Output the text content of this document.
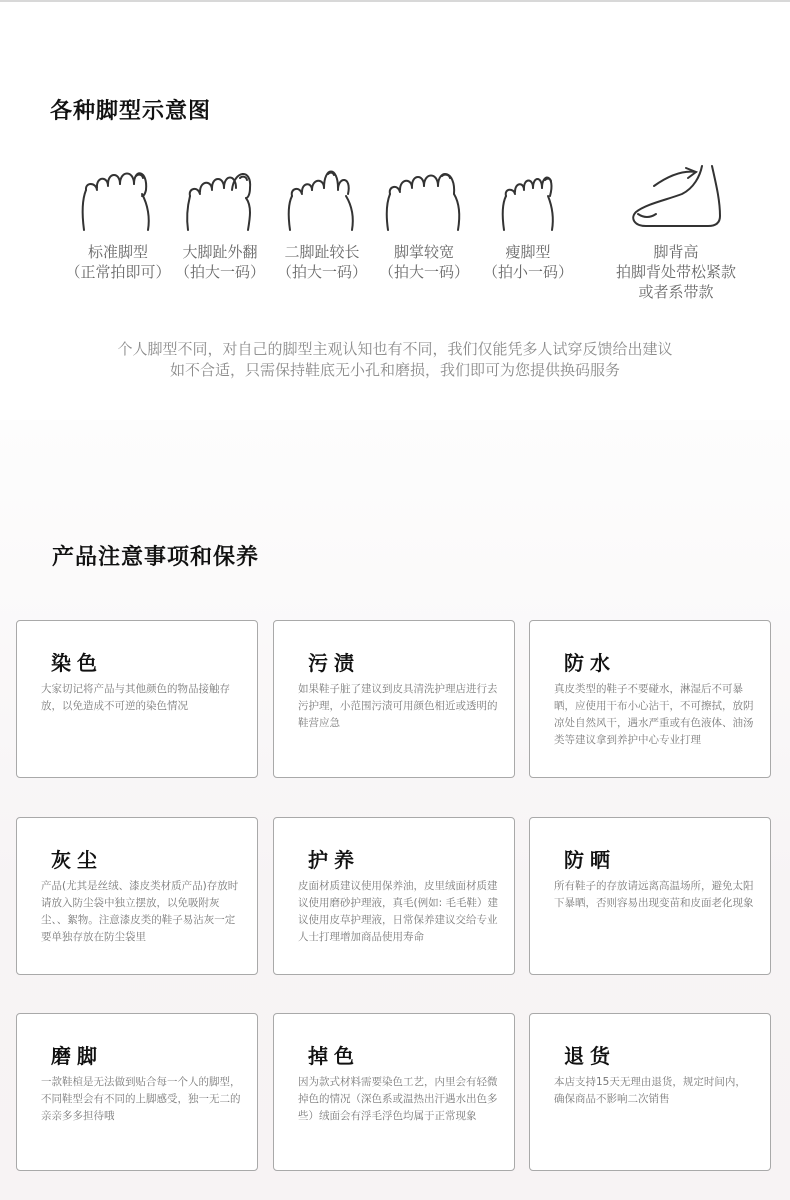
各种脚型示意图
标准脚型
（正常拍即可）
大脚趾外翻
（拍大一码）
二脚趾较长
（拍大一码）
脚掌较宽
（拍大一码）
瘦脚型
（拍小一码）
脚背高
拍脚背处带松紧款
或者系带款
个人脚型不同，对自己的脚型主观认知也有不同，我们仅能凭多人试穿反馈给出建议
如不合适，只需保持鞋底无小孔和磨损，我们即可为您提供换码服务
产品注意事项和保养
染色
大家切记将产品与其他颜色的物品接触存放，以免造成不可逆的染色情况
污渍
如果鞋子脏了建议到皮具清洗护理店进行去污护理，小范围污渍可用颜色相近或透明的鞋营应急
防水
真皮类型的鞋子不要碰水，淋湿后不可暴晒，应使用干布小心沾干，不可擦拭，放阴凉处自然风干，遇水严重或有色液体、油汤类等建议拿到养护中心专业打理
灰尘
产品(尤其是丝绒、漆皮类材质产品)存放时请放入防尘袋中独立摆放，以免吸附灰尘、、絮物。注意漆皮类的鞋子易沾灰一定要单独存放在防尘袋里
护养
皮面材质建议使用保养油，皮里绒面材质建议使用磨砂护理液，真毛(例如: 毛毛鞋）建议使用皮草护理液，日常保养建议交给专业人士打理增加商品使用寿命
防晒
所有鞋子的存放请远离高温场所，避免太阳下暴晒，否则容易出现变苗和皮面老化现象
磨脚
一款鞋楦是无法做到贴合每一个人的脚型，不同鞋型会有不同的上脚感受，独一无二的亲亲多多担待哦
掉色
因为款式材料需要染色工艺，内里会有轻微掉色的情况（深色系或温热出汗遇水出色多些）绒面会有浮毛浮色均属于正常现象
退货
本店支持15天无理由退货，规定时间内，确保商品不影响二次销售
